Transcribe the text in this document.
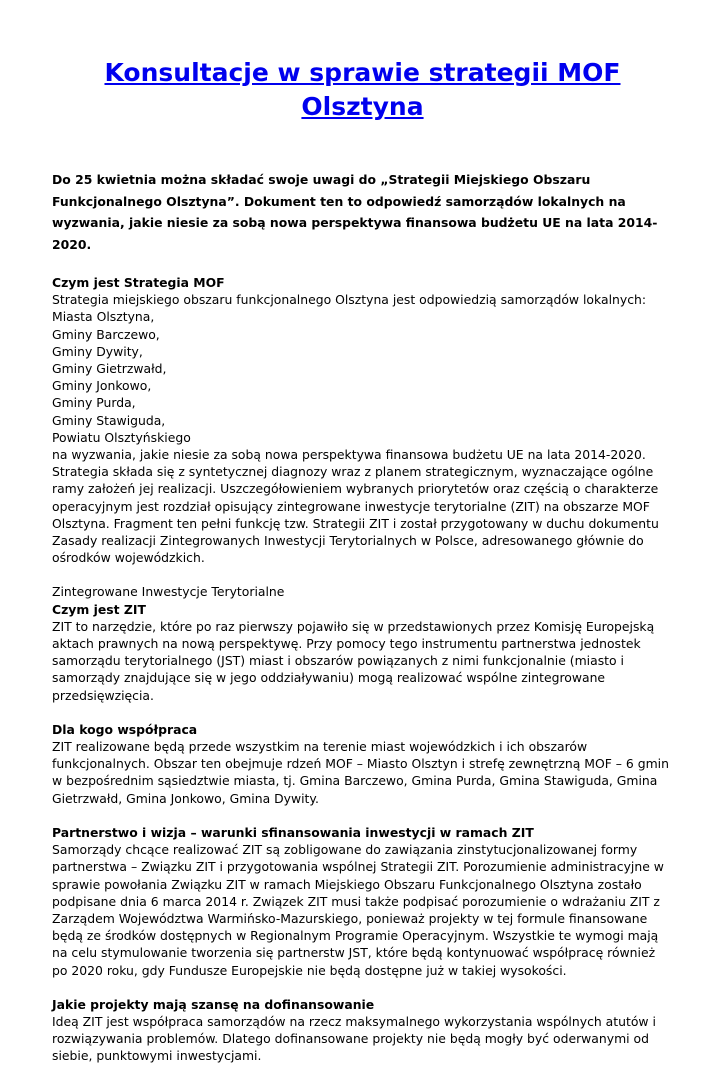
Konsultacje w sprawie strategii MOF Olsztyna
Do 25 kwietnia można składać swoje uwagi do „Strategii Miejskiego Obszaru Funkcjonalnego Olsztyna”. Dokument ten to odpowiedź samorządów lokalnych na wyzwania, jakie niesie za sobą nowa perspektywa finansowa budżetu UE na lata 2014-2020.
Czym jest Strategia MOF
Strategia miejskiego obszaru funkcjonalnego Olsztyna jest odpowiedzią samorządów lokalnych:
Miasta Olsztyna,
Gminy Barczewo,
Gminy Dywity,
Gminy Gietrzwałd,
Gminy Jonkowo,
Gminy Purda,
Gminy Stawiguda,
Powiatu Olsztyńskiego
na wyzwania, jakie niesie za sobą nowa perspektywa finansowa budżetu UE na lata 2014-2020. Strategia składa się z syntetycznej diagnozy wraz z planem strategicznym, wyznaczające ogólne ramy założeń jej realizacji. Uszczegółowieniem wybranych priorytetów oraz częścią o charakterze operacyjnym jest rozdział opisujący zintegrowane inwestycje terytorialne (ZIT) na obszarze MOF Olsztyna. Fragment ten pełni funkcję tzw. Strategii ZIT i został przygotowany w duchu dokumentu Zasady realizacji Zintegrowanych Inwestycji Terytorialnych w Polsce, adresowanego głównie do ośrodków wojewódzkich.
Zintegrowane Inwestycje Terytorialne
Czym jest ZIT
ZIT to narzędzie, które po raz pierwszy pojawiło się w przedstawionych przez Komisję Europejską aktach prawnych na nową perspektywę. Przy pomocy tego instrumentu partnerstwa jednostek samorządu terytorialnego (JST) miast i obszarów powiązanych z nimi funkcjonalnie (miasto i samorządy znajdujące się w jego oddziaływaniu) mogą realizować wspólne zintegrowane przedsięwzięcia.
Dla kogo współpraca
ZIT realizowane będą przede wszystkim na terenie miast wojewódzkich i ich obszarów funkcjonalnych. Obszar ten obejmuje rdzeń MOF – Miasto Olsztyn i strefę zewnętrzną MOF – 6 gmin w bezpośrednim sąsiedztwie miasta, tj. Gmina Barczewo, Gmina Purda, Gmina Stawiguda, Gmina Gietrzwałd, Gmina Jonkowo, Gmina Dywity.
Partnerstwo i wizja – warunki sfinansowania inwestycji w ramach ZIT
Samorządy chcące realizować ZIT są zobligowane do zawiązania zinstytucjonalizowanej formy partnerstwa – Związku ZIT i przygotowania wspólnej Strategii ZIT. Porozumienie administracyjne w sprawie powołania Związku ZIT w ramach Miejskiego Obszaru Funkcjonalnego Olsztyna zostało podpisane dnia 6 marca 2014 r. Związek ZIT musi także podpisać porozumienie o wdrażaniu ZIT z Zarządem Województwa Warmińsko-Mazurskiego, ponieważ projekty w tej formule finansowane będą ze środków dostępnych w Regionalnym Programie Operacyjnym. Wszystkie te wymogi mają na celu stymulowanie tworzenia się partnerstw JST, które będą kontynuować współpracę również po 2020 roku, gdy Fundusze Europejskie nie będą dostępne już w takiej wysokości.
Jakie projekty mają szansę na dofinansowanie
Ideą ZIT jest współpraca samorządów na rzecz maksymalnego wykorzystania wspólnych atutów i rozwiązywania problemów. Dlatego dofinansowane projekty nie będą mogły być oderwanymi od siebie, punktowymi inwestycjami.
